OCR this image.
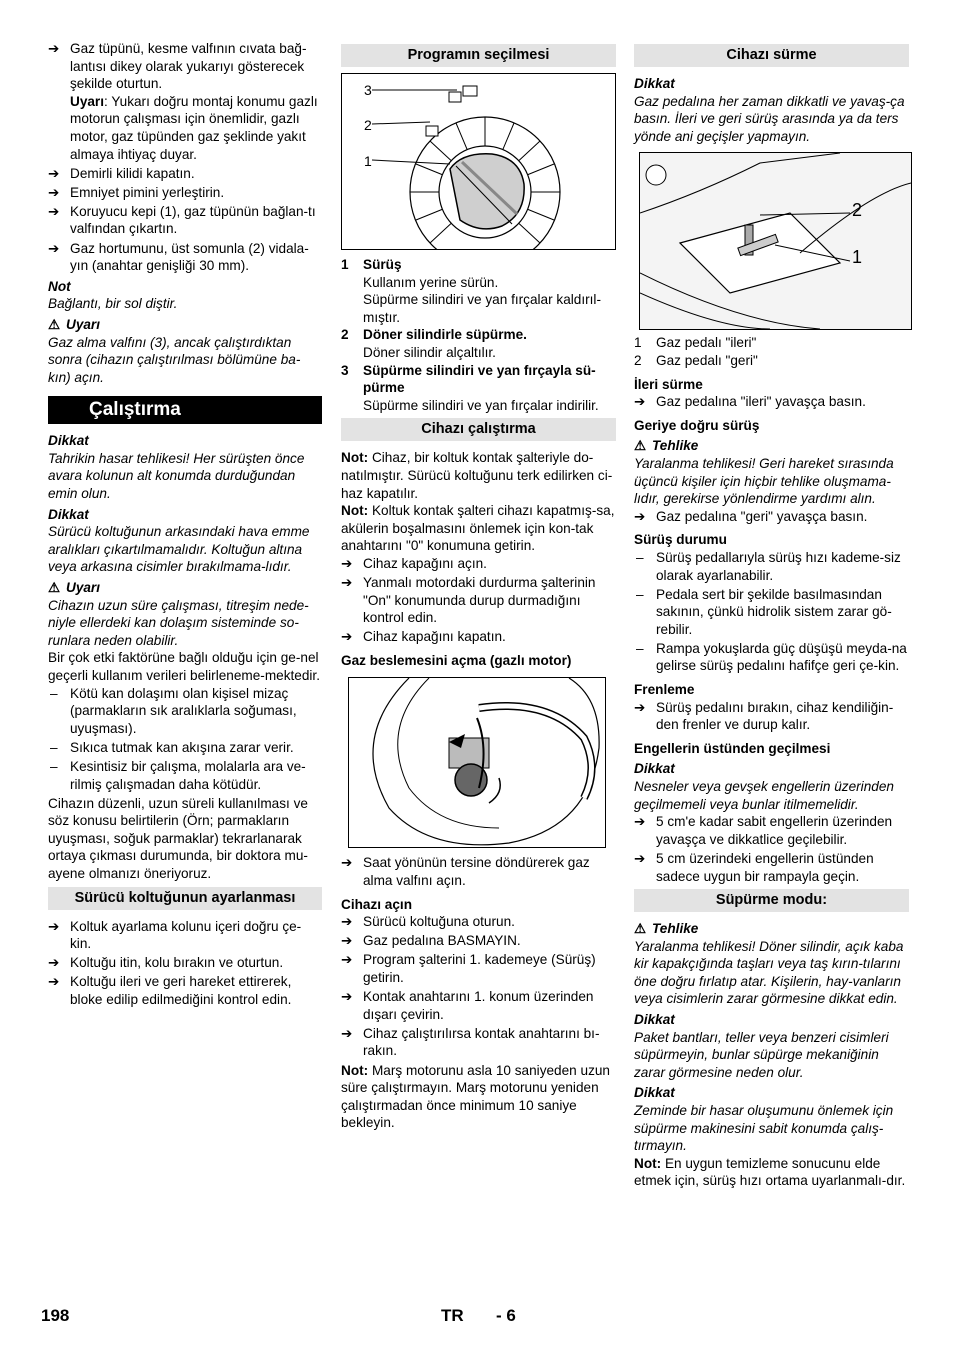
➔ Gaz tüpünü, kesme valfının cıvata bağ-lantısı dikey olarak yukarıyı gösterecek şekilde oturtun.

Uyarı: Yukarı doğru montaj konumu gazlı motorun çalışması için önemlidir, gazlı motor, gaz tüpünden gaz şeklinde yakıt almaya ihtiyaç duyar.

➔ Demirli kilidi kapatın.

➔ Emniyet pimini yerleştirin.

➔ Koruyucu kepi (1), gaz tüpünün bağlan-tı valfından çıkartın.

➔ Gaz hortumunu, üst somunla (2) vidala-yın (anahtar genişliği 30 mm).

Not

Bağlantı, bir sol diştir.

⚠ Uyarı

Gaz alma valfını (3), ancak çalıştırdıktan sonra (cihazın çalıştırılması bölümüne ba-kın) açın.

Çalıştırma

Dikkat

Tahrikin hasar tehlikesi! Her sürüşten önce avara kolunun alt konumda durduğundan emin olun.

Dikkat

Sürücü koltuğunun arkasındaki hava emme aralıkları çıkartılmamalıdır. Koltuğun altına veya arkasına cisimler bırakılmama-lıdır.

⚠ Uyarı

Cihazın uzun süre çalışması, titreşim nede-niyle ellerdeki kan dolaşım sisteminde so-runlara neden olabilir.

Bir çok etki faktörüne bağlı olduğu için ge-nel geçerli kullanım verileri belirleneme-mektedir.

– Kötü kan dolaşımı olan kişisel mizaç (parmakların sık aralıklarla soğuması, uyuşması).

– Sıkıca tutmak kan akışına zarar verir.

– Kesintisiz bir çalışma, molalarla ara ve-rilmiş çalışmadan daha kötüdür.

Cihazın düzenli, uzun süreli kullanılması ve söz konusu belirtilerin (Örn; parmakların uyuşması, soğuk parmaklar) tekrarlanarak ortaya çıkması durumunda, bir doktora mu-ayene olmanızı öneriyoruz.

Sürücü koltuğunun ayarlanması
➔ Koltuk ayarlama kolunu içeri doğru çe-kin.

➔ Koltuğu itin, kolu bırakın ve oturtun.

➔ Koltuğu ileri ve geri hareket ettirerek, bloke edilip edilmediğini kontrol edin.

Programın seçilmesi
3
2
1
1 Sürüş

Kullanım yerine sürün.

Süpürme silindiri ve yan fırçalar kaldırıl-mıştır.

2 Döner silindirle süpürme.

Döner silindir alçaltılır.

3 Süpürme silindiri ve yan fırçayla sü-pürme

Süpürme silindiri ve yan fırçalar indirilir.

Cihazı çalıştırma

Not: Cihaz, bir koltuk kontak şalteriyle do-natılmıştır. Sürücü koltuğunu terk edilirken ci-haz kapatılır.

Not: Koltuk kontak şalteri cihazı kapatmış-sa, akülerin boşalmasını önlemek için kon-tak anahtarını "0" konumuna getirin.

➔ Cihaz kapağını açın.

➔ Yanmalı motordaki durdurma şalterinin "On" konumunda durup durmadığını kontrol edin.

➔ Cihaz kapağını kapatın.

Gaz beslemesini açma (gazlı motor)

➔ Saat yönünün tersine döndürerek gaz alma valfını açın.

Cihazı açın

➔ Sürücü koltuğuna oturun.

➔ Gaz pedalına BASMAYIN.

➔ Program şalterini 1. kademeye (Sürüş) getirin.

➔ Kontak anahtarını 1. konum üzerinden dışarı çevirin.

➔ Cihaz çalıştırılırsa kontak anahtarını bı-rakın.

Not: Marş motorunu asla 10 saniyeden uzun süre çalıştırmayın. Marş motorunu yeniden çalıştırmadan önce minimum 10 saniye bekleyin.

Cihazı sürme

Dikkat

Gaz pedalına her zaman dikkatli ve yavaş-ça basın. İleri ve geri sürüş arasında ya da ters yönde ani geçişler yapmayın.

2
1
1 Gaz pedalı "ileri"

2 Gaz pedalı "geri"

İleri sürme

➔ Gaz pedalına "ileri" yavaşça basın.

Geriye doğru sürüş

⚠ Tehlike

Yaralanma tehlikesi! Geri hareket sırasında üçüncü kişiler için hiçbir tehlike oluşmama-lıdır, gerekirse yönlendirme yardımı alın.

➔ Gaz pedalına "geri" yavaşça basın.

Sürüş durumu

– Sürüş pedallarıyla sürüş hızı kademe-siz olarak ayarlanabilir.

– Pedala sert bir şekilde basılmasından sakının, çünkü hidrolik sistem zarar gö-rebilir.

– Rampa yokuşlarda güç düşüşü meyda-na gelirse sürüş pedalını hafifçe geri çe-kin.

Frenleme

➔ Sürüş pedalını bırakın, cihaz kendiliğin-den frenler ve durup kalır.

Engellerin üstünden geçilmesi

Dikkat

Nesneler veya gevşek engellerin üzerinden geçilmemeli veya bunlar itilmemelidir.

➔ 5 cm'e kadar sabit engellerin üzerinden yavaşça ve dikkatlice geçilebilir.

➔ 5 cm üzerindeki engellerin üstünden sadece uygun bir rampayla geçin.

Süpürme modu:

⚠ Tehlike

Yaralanma tehlikesi! Döner silindir, açık kaba kir kapakçığında taşları veya taş kırın-tılarını öne doğru fırlatıp atar. Kişilerin, hay-vanların veya cisimlerin zarar görmesine dikkat edin.

Dikkat

Paket bantları, teller veya benzeri cisimleri süpürmeyin, bunlar süpürge mekaniğinin zarar görmesine neden olur.

Dikkat

Zeminde bir hasar oluşumunu önlemek için süpürme makinesini sabit konumda çalış-tırmayın.

Not: En uygun temizleme sonucunu elde etmek için, sürüş hızı ortama uyarlanmalı-dır.

198	TR - 6
